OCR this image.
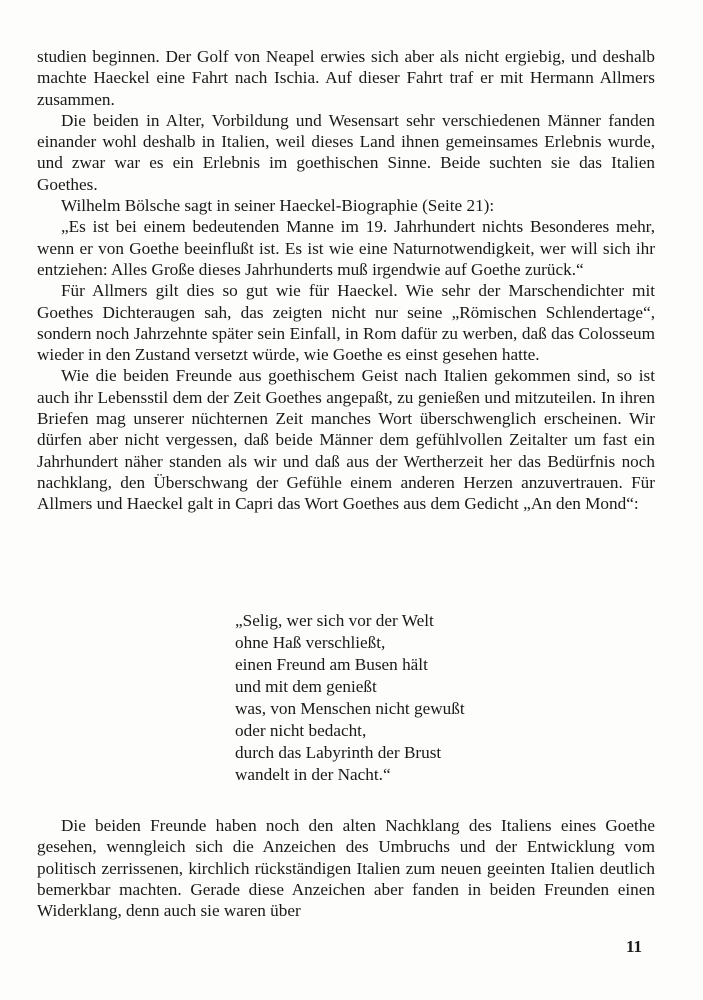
studien beginnen. Der Golf von Neapel erwies sich aber als nicht ergiebig, und deshalb machte Haeckel eine Fahrt nach Ischia. Auf dieser Fahrt traf er mit Hermann Allmers zusammen.

Die beiden in Alter, Vorbildung und Wesensart sehr verschiedenen Männer fanden einander wohl deshalb in Italien, weil dieses Land ihnen gemeinsames Erlebnis wurde, und zwar war es ein Erlebnis im goethischen Sinne. Beide suchten sie das Italien Goethes.

Wilhelm Bölsche sagt in seiner Haeckel-Biographie (Seite 21):

„Es ist bei einem bedeutenden Manne im 19. Jahrhundert nichts Besonderes mehr, wenn er von Goethe beeinflußt ist. Es ist wie eine Naturnotwendigkeit, wer will sich ihr entziehen: Alles Große dieses Jahrhunderts muß irgendwie auf Goethe zurück.“

Für Allmers gilt dies so gut wie für Haeckel. Wie sehr der Marschendichter mit Goethes Dichteraugen sah, das zeigten nicht nur seine „Römischen Schlendertage“, sondern noch Jahrzehnte später sein Einfall, in Rom dafür zu werben, daß das Colosseum wieder in den Zustand versetzt würde, wie Goethe es einst gesehen hatte.

Wie die beiden Freunde aus goethischem Geist nach Italien gekommen sind, so ist auch ihr Lebensstil dem der Zeit Goethes angepaßt, zu genießen und mitzuteilen. In ihren Briefen mag unserer nüchternen Zeit manches Wort überschwenglich erscheinen. Wir dürfen aber nicht vergessen, daß beide Männer dem gefühlvollen Zeitalter um fast ein Jahrhundert näher standen als wir und daß aus der Wertherzeit her das Bedürfnis noch nachklang, den Überschwang der Gefühle einem anderen Herzen anzuvertrauen. Für Allmers und Haeckel galt in Capri das Wort Goethes aus dem Gedicht „An den Mond“:

„Selig, wer sich vor der Welt
ohne Haß verschließt,
einen Freund am Busen hält
und mit dem genießt
was, von Menschen nicht gewußt
oder nicht bedacht,
durch das Labyrinth der Brust
wandelt in der Nacht.“

Die beiden Freunde haben noch den alten Nachklang des Italiens eines Goethe gesehen, wenngleich sich die Anzeichen des Umbruchs und der Entwicklung vom politisch zerrissenen, kirchlich rückständigen Italien zum neuen geeinten Italien deutlich bemerkbar machten. Gerade diese Anzeichen aber fanden in beiden Freunden einen Widerklang, denn auch sie waren über

11
